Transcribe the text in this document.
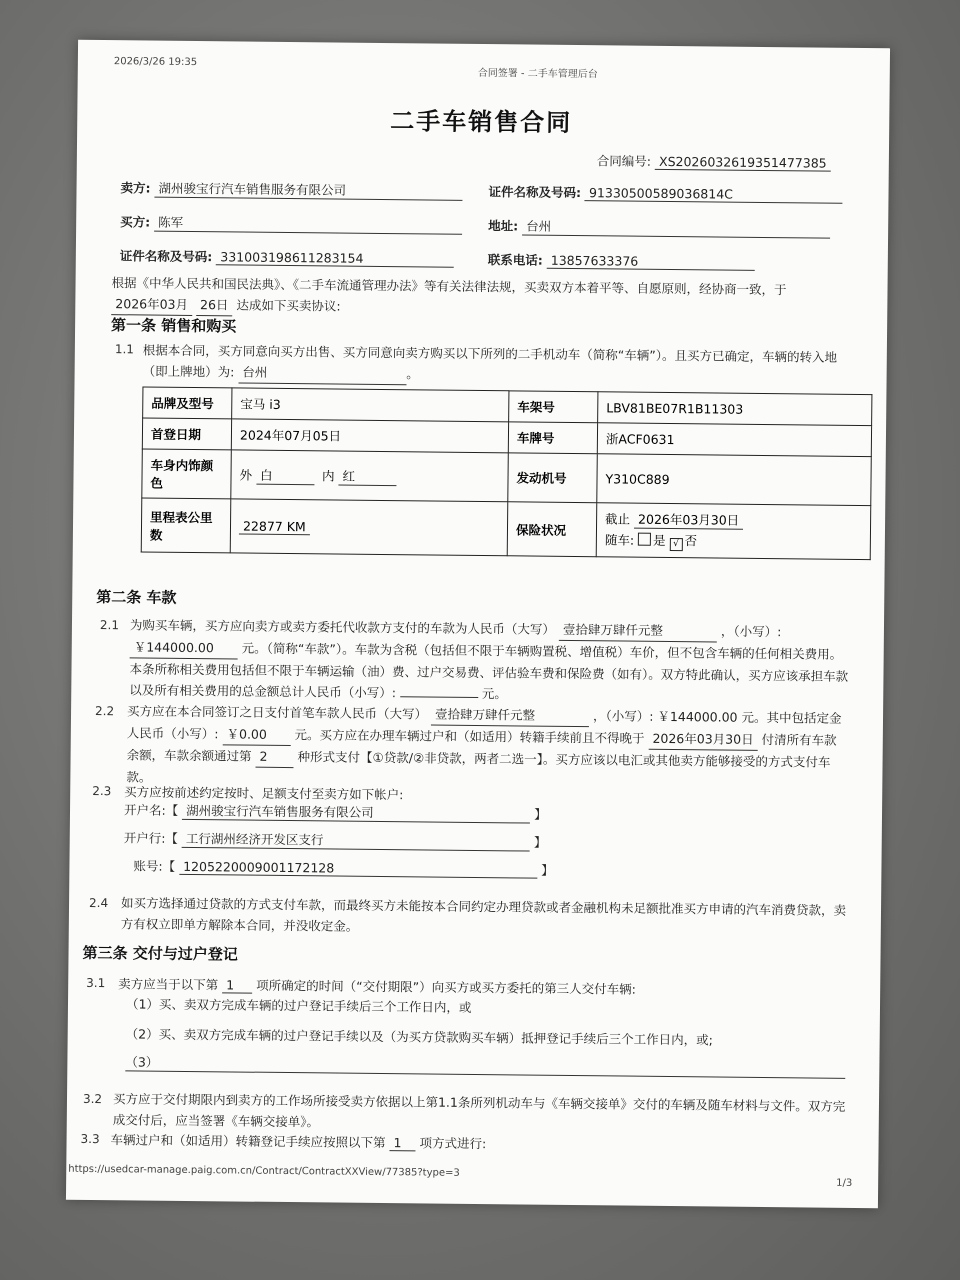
2026/3/26 19:35
合同签署 - 二手车管理后台
二手车销售合同
合同编号: XS2026032619351477385
卖方: 湖州骏宝行汽车销售服务有限公司	证件名称及号码: 91330500589036814C
买方: 陈军	地址: 台州
证件名称及号码: 331003198611283154	联系电话: 13857633376
根据《中华人民共和国民法典》、《二手车流通管理办法》等有关法律法规，买卖双方本着平等、自愿原则，经协商一致，于 2026年03月 26日 达成如下买卖协议:
第一条 销售和购买
1.1 根据本合同，买方同意向买方出售、买方同意向卖方购买以下所列的二手机动车（简称“车辆”）。且买方已确定，车辆的转入地（即上牌地）为: 台州	。
品牌及型号	宝马 i3	车架号	LBV81BE07R1B11303
首登日期	2024年07月05日	车牌号	浙ACF0631
车身内饰颜色	外 白 内 红	发动机号	Y310C889
里程表公里数	22877 KM	保险状况	截止 2026年03月30日
随车: 是 √ 否
第二条 车款
2.1 为购买车辆，买方应向卖方或卖方委托代收款方支付的车款为人民币（大写） 壹拾肆万肆仟元整	，（小写）: ￥144000.00 元。（简称“车款”）。车款为含税（包括但不限于车辆购置税、增值税）车价，但不包含车辆的任何相关费用。本条所称相关费用包括但不限于车辆运输（油）费、过户交易费、评估验车费和保险费（如有）。双方特此确认，买方应该承担车款以及所有相关费用的总金额总计人民币（小写）:	元。
2.2 买方应在本合同签订之日支付首笔车款人民币（大写） 壹拾肆万肆仟元整	，（小写）: ￥144000.00 元。其中包括定金人民币（小写）: ￥0.00 元。买方应在办理车辆过户和（如适用）转籍手续前且不得晚于 2026年03月30日 付清所有车款余额，车款余额通过第 2 种形式支付【①贷款/②非贷款，两者二选一】。买方应该以电汇或其他卖方能够接受的方式支付车款。
2.3 买方应按前述约定按时、足额支付至卖方如下帐户:
开户名:【 湖州骏宝行汽车销售服务有限公司	】
开户行:【 工行湖州经济开发区支行	】
账号:【 1205220009001172128	】
2.4 如买方选择通过贷款的方式支付车款，而最终买方未能按本合同约定办理贷款或者金融机构未足额批准买方申请的汽车消费贷款，卖方有权立即单方解除本合同，并没收定金。
第三条 交付与过户登记
3.1 卖方应当于以下第 1 项所确定的时间（“交付期限”）向买方或买方委托的第三人交付车辆:
（1）买、卖双方完成车辆的过户登记手续后三个工作日内，或
（2）买、卖双方完成车辆的过户登记手续以及（为买方贷款购买车辆）抵押登记手续后三个工作日内，或;
（3）
3.2 买方应于交付期限内到卖方的工作场所接受卖方依据以上第1.1条所列机动车与《车辆交接单》交付的车辆及随车材料与文件。双方完成交付后，应当签署《车辆交接单》。
3.3 车辆过户和（如适用）转籍登记手续应按照以下第 1 项方式进行:
https://usedcar-manage.paig.com.cn/Contract/ContractXXView/77385?type=3
1/3
